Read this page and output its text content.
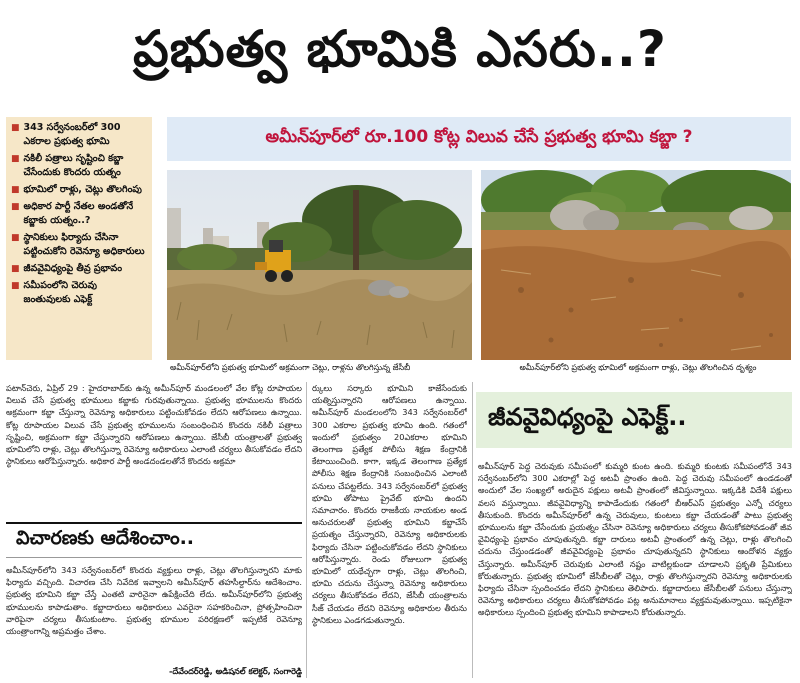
ప్రభుత్వ భూమికి ఎసరు..?
■ 343 సర్వేనంబర్‌లో 300 ఎకరాల ప్రభుత్వ భూమి
■ నకిలీ పత్రాలు సృష్టించి కబ్జా చేసేందుకు కొందరు యత్నం
■ భూమిలో రాళ్లు, చెట్లు తొలగింపు
■ అధికార పార్టీ నేతల అండతోనే కబ్జాకు యత్నం..?
■ స్థానికులు ఫిర్యాదు చేసినా పట్టించుకోని రెవెన్యూ అధికారులు
■ జీవవైవిధ్యంపై తీవ్ర ప్రభావం
■ సమీపంలోని చెరువు జంతువులకు ఎఫెక్ట్
అమీన్‌పూర్‌లో రూ.100 కోట్ల విలువ చేసే ప్రభుత్వ భూమి కబ్జా ?
అమీన్‌పూర్‌లోని ప్రభుత్వ భూమిలో అక్రమంగా చెట్లు, రాళ్లను తొలగిస్తున్న జేసీబీ	అమీన్‌పూర్‌లోని ప్రభుత్వ భూమిలో అక్రమంగా రాళ్లు, చెట్లు తొలగించిన దృశ్యం
పటాన్‌చెరు, ఏప్రిల్ 29 : హైదరాబాద్‌కు ఉన్న అమీన్‌పూర్ మండలంలో వేల కోట్ల రూపాయల విలువ చేసే ప్రభుత్వ భూములు కబ్జాకు గురవుతున్నాయి. ప్రభుత్వ భూములను కొందరు అక్రమంగా కబ్జా చేస్తున్నా రెవెన్యూ అధికారులు పట్టించుకోవడం లేదని ఆరోపణలు ఉన్నాయి. కోట్ల రూపాయల విలువ చేసే ప్రభుత్వ భూములను సంబంధించిన కొందరు నకిలీ పత్రాలు సృష్టించి, అక్రమంగా కబ్జా చేస్తున్నారని ఆరోపణలు ఉన్నాయి. జేసీబీ యంత్రాలతో ప్రభుత్వ భూమిలోని రాళ్లు, చెట్లు తొలగిస్తున్నా రెవెన్యూ అధికారులు ఎలాంటి చర్యలు తీసుకోవడం లేదని స్థానికులు ఆరోపిస్తున్నారు. అధికార పార్టీ అండదండలతోనే కొందరు అక్రమా
ర్కులు సర్కారు భూమిని కాజేసేందుకు యత్నిస్తున్నారని ఆరోపణలు ఉన్నాయి. అమీన్‌పూర్ మండలంలోని 343 సర్వేనంబర్‌లో 300 ఎకరాల ప్రభుత్వ భూమి ఉంది. గతంలో ఇందులో ప్రభుత్వం 20ఎకరాల భూమిని తెలంగాణ ప్రత్యేక పోలీసు శిక్షణ కేంద్రానికి కేటాయించింది. కాగా, ఇక్కడ తెలంగాణ ప్రత్యేక పోలీసు శిక్షణ కేంద్రానికి సంబంధించిన ఎలాంటి పనులు చేపట్టలేదు. 343 సర్వేనంబర్‌లో ప్రభుత్వ భూమి తోపాటు ప్రైవేట్ భూమి ఉందని సమాచారం. కొందరు రాజకీయ నాయకుల అండ అనుచరులతో ప్రభుత్వ భూమిని కబ్జాచేసే ప్రయత్నం చేస్తున్నారని, రెవెన్యూ అధికారులకు ఫిర్యాదు చేసినా పట్టించుకోవడం లేదని స్థానికులు ఆరోపిస్తున్నారు. రెండు రోజులుగా ప్రభుత్వ భూమిలో యథేచ్ఛగా రాళ్లు, చెట్లు తొలగించి, భూమి చదును చేస్తున్నా రెవెన్యూ అధికారులు చర్యలు తీసుకోవడం లేదని, జేసీబీ యంత్రాలను సీజ్ చేయడం లేదని రెవెన్యూ అధికారుల తీరును స్థానికులు ఎండగడుతున్నారు.
జీవవైవిధ్యంపై ఎఫెక్ట్..
అమీన్‌పూర్ పెద్ద చెరువుకు సమీపంలో కుమ్మరి కుంట ఉంది. కుమ్మరి కుంటకు సమీపంలోనే 343 సర్వేనంబర్‌లోని 300 ఎకరాల్లో పెద్ద అటవీ ప్రాంతం ఉంది. పెద్ద చెరువు సమీపంలో ఉండడంతో అందులో వేల సంఖ్యలో అరుదైన పక్షులు అటవీ ప్రాంతంలో జీవిస్తున్నాయి. ఇక్కడికి విదేశీ పక్షులు వలస వస్తున్నాయి. జీవవైవిధ్యాన్ని కాపాడేందుకు గతంలో బీఆర్ఎస్ ప్రభుత్వం ఎన్నో చర్యలు తీసుకుంది. కొందరు అమీన్‌పూర్‌లో ఉన్న చెరువులు, కుంటలు కబ్జా చేయడంతో పాటు ప్రభుత్వ భూములను కబ్జా చేసేందుకు ప్రయత్నం చేసినా రెవెన్యూ అధికారులు చర్యలు తీసుకోకపోవడంతో జీవ వైవిధ్యంపై ప్రభావం చూపుతున్నది. కబ్జా దారులు అటవీ ప్రాంతంలో ఉన్న చెట్లు, రాళ్లు తొలగించి చదును చేస్తుండడంతో జీవవైవిధ్యంపై ప్రభావం చూపుతున్నదని స్థానికులు ఆందోళన వ్యక్తం చేస్తున్నారు. అమీన్‌పూర్ చెరువుకు ఎలాంటి నష్టం వాటిల్లకుండా చూడాలని ప్రకృతి ప్రేమికులు కోరుతున్నారు. ప్రభుత్వ భూమిలో జేసీబీలతో చెట్లు, రాళ్లు తొలగిస్తున్నారని రెవెన్యూ అధికారులకు ఫిర్యాదు చేసినా స్పందించడం లేదని స్థానికులు తెలిపారు. కబ్జాదారులు జేసీబీలతో పనులు చేస్తున్నా రెవెన్యూ అధికారులు చర్యలు తీసుకోకపోవడం పట్ల అనుమానాలు వ్యక్తమవుతున్నాయి. ఇప్పటికైనా అధికారులు స్పందించి ప్రభుత్వ భూమిని కాపాడాలని కోరుతున్నారు.
విచారణకు ఆదేశించాం..
అమీన్‌పూర్‌లోని 343 సర్వేనంబర్‌లో కొందరు వ్యక్తులు రాళ్లు, చెట్లు తొలగిస్తున్నారని మాకు ఫిర్యాదు వచ్చింది. విచారణ చేసి నివేదిక ఇవ్వాలని అమీన్‌పూర్ తహసీల్దార్‌ను ఆదేశించాం. ప్రభుత్వ భూమిని కబ్జా చేస్తే ఎంతటి వారినైనా ఉపేక్షించేది లేదు. అమీన్‌పూర్‌లోని ప్రభుత్వ భూములను కాపాడుతాం. కబ్జాదారులు అధికారులు ఎవరైనా సహకరించినా, ప్రోత్సహించినా వారిపైనా చర్యలు తీసుకుంటాం. ప్రభుత్వ భూముల పరిరక్షణలో ఇప్పటికే రెవెన్యూ యంత్రాంగాన్ని అప్రమత్తం చేశాం.
-దేవేందర్‌రెడ్డి, అడిషనల్ కలెక్టర్, సంగారెడ్డి
